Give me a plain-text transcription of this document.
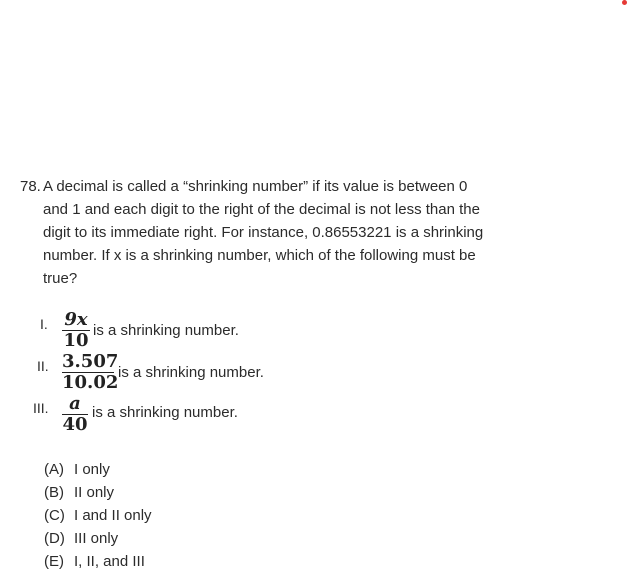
78. A decimal is called a “shrinking number” if its value is between 0 and 1 and each digit to the right of the decimal is not less than the digit to its immediate right. For instance, 0.86553221 is a shrinking number. If x is a shrinking number, which of the following must be true?
I. $\frac{9x}{10}$ is a shrinking number.
II. $\frac{3.507}{10.02}$ is a shrinking number.
III. $\frac{a}{40}$ is a shrinking number.
(A) I only
(B) II only
(C) I and II only
(D) III only
(E) I, II, and III
